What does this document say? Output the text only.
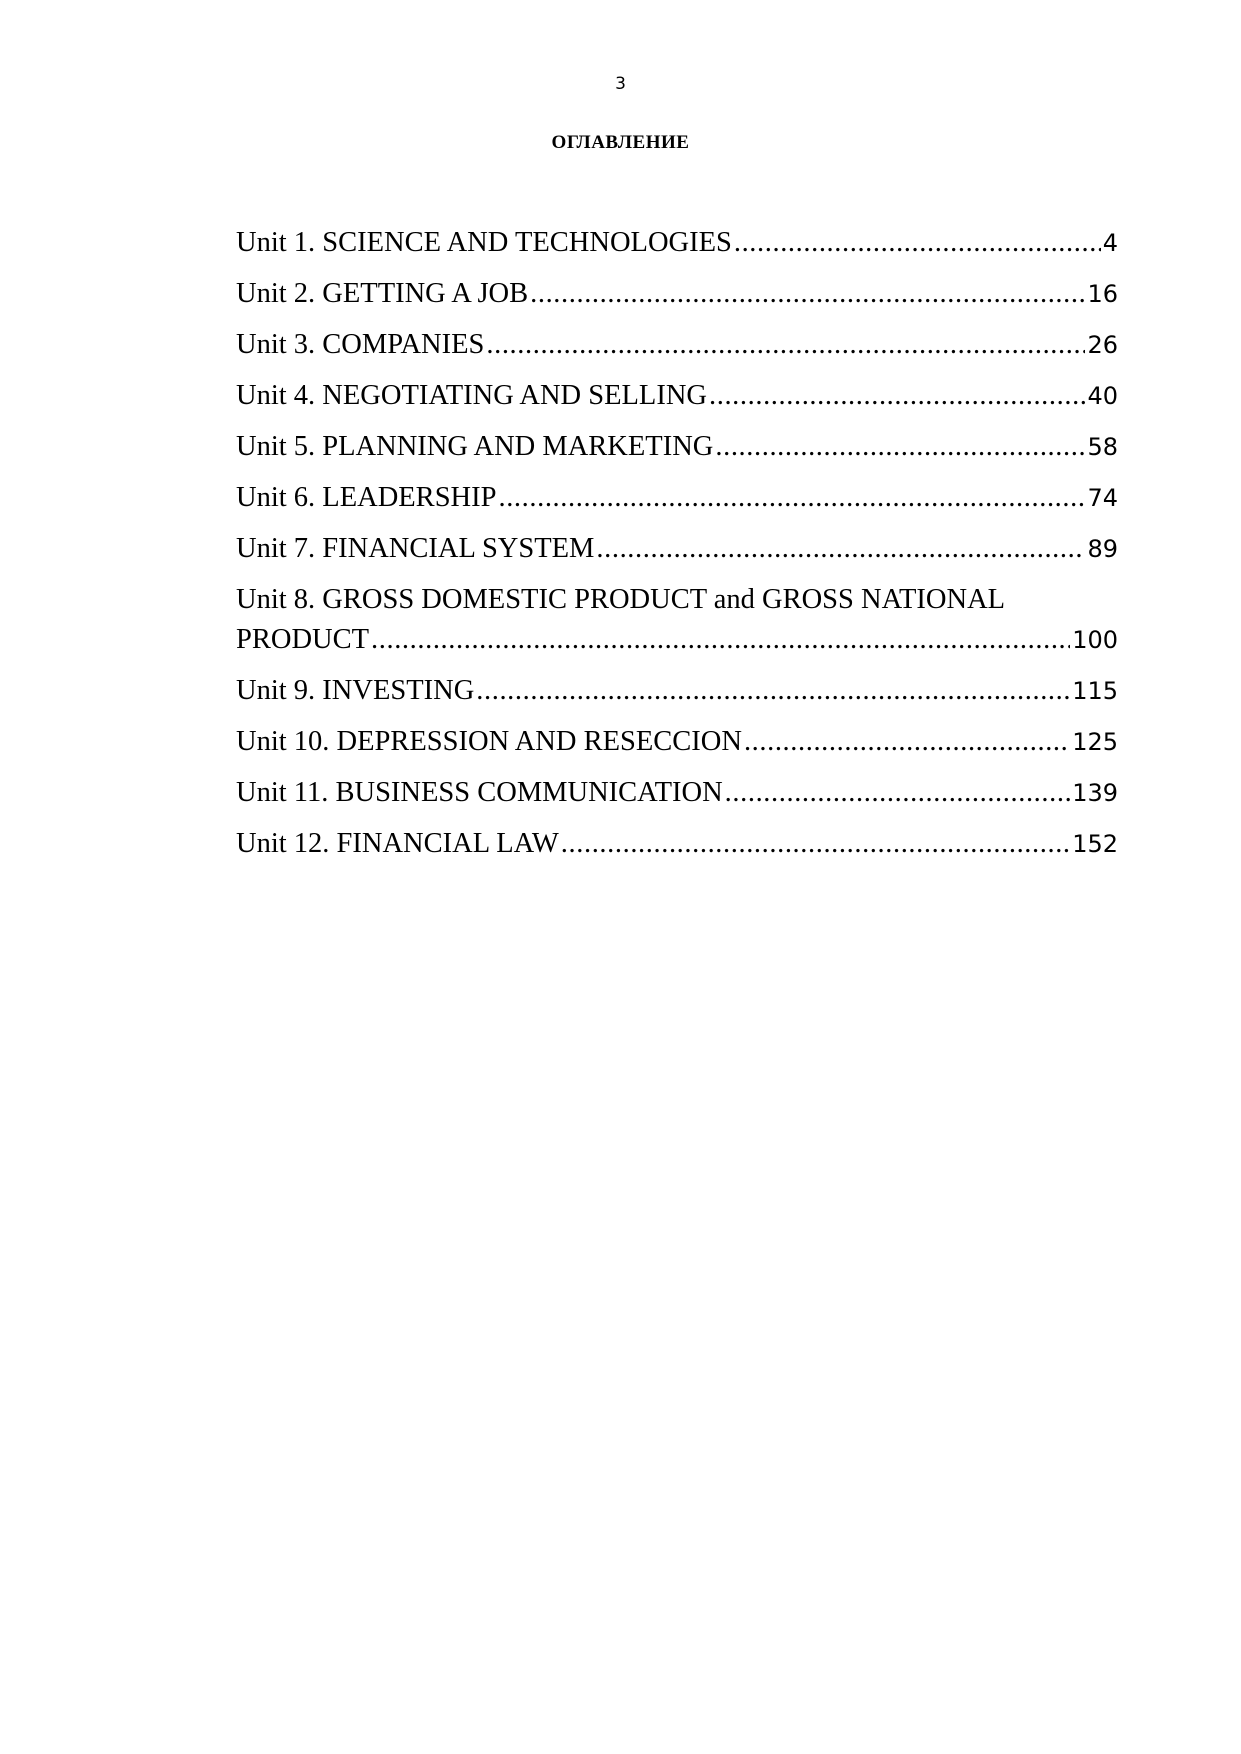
3
ОГЛАВЛЕНИЕ
Unit 1. SCIENCE AND TECHNOLOGIES .....	4
Unit 2. GETTING A JOB .....	16
Unit 3. COMPANIES .....	26
Unit 4. NEGOTIATING AND SELLING .....	40
Unit 5. PLANNING AND MARKETING .....	58
Unit 6. LEADERSHIP .....	74
Unit 7. FINANCIAL SYSTEM .....	89
Unit 8. GROSS DOMESTIC PRODUCT and GROSS NATIONAL
PRODUCT .....	100
Unit 9. INVESTING .....	115
Unit 10. DEPRESSION AND RESECCION .....	125
Unit 11. BUSINESS COMMUNICATION .....	139
Unit 12. FINANCIAL LAW .....	152
